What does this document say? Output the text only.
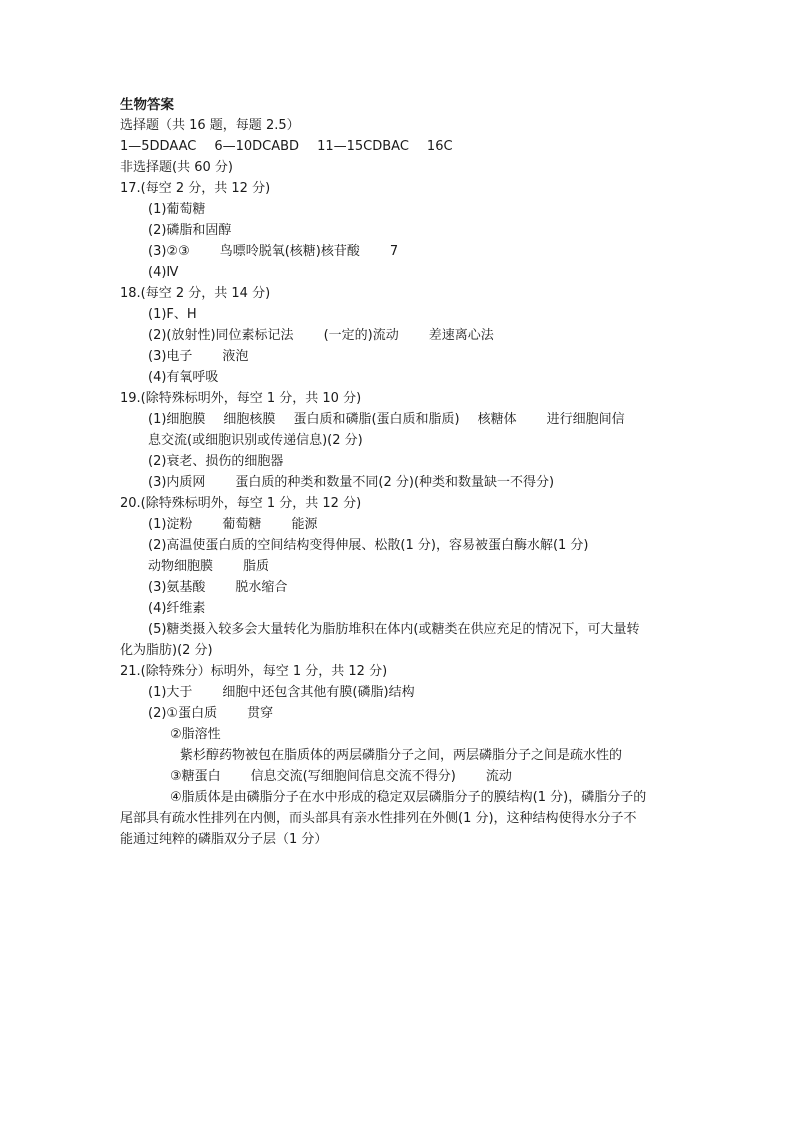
生物答案
选择题（共 16 题，每题 2.5）
1—5DDAAC 6—10DCABD 11—15CDBAC 16C
非选择题(共 60 分)
17.(每空 2 分，共 12 分)
(1)葡萄糖
(2)磷脂和固醇
(3)②③ 鸟嘌呤脱氧(核糖)核苷酸 7
(4)Ⅳ
18.(每空 2 分，共 14 分)
(1)F、H
(2)(放射性)同位素标记法 (一定的)流动 差速离心法
(3)电子 液泡
(4)有氧呼吸
19.(除特殊标明外，每空 1 分，共 10 分)
(1)细胞膜 细胞核膜 蛋白质和磷脂(蛋白质和脂质) 核糖体 进行细胞间信
息交流(或细胞识别或传递信息)(2 分)
(2)衰老、损伤的细胞器
(3)内质网 蛋白质的种类和数量不同(2 分)(种类和数量缺一不得分)
20.(除特殊标明外，每空 1 分，共 12 分)
(1)淀粉 葡萄糖 能源
(2)高温使蛋白质的空间结构变得伸展、松散(1 分)，容易被蛋白酶水解(1 分)
动物细胞膜 脂质
(3)氨基酸 脱水缩合
(4)纤维素
(5)糖类摄入较多会大量转化为脂肪堆积在体内(或糖类在供应充足的情况下，可大量转
化为脂肪)(2 分)
21.(除特殊分）标明外，每空 1 分，共 12 分)
(1)大于 细胞中还包含其他有膜(磷脂)结构
(2)①蛋白质 贯穿
②脂溶性
紫杉醇药物被包在脂质体的两层磷脂分子之间，两层磷脂分子之间是疏水性的
③糖蛋白 信息交流(写细胞间信息交流不得分) 流动
④脂质体是由磷脂分子在水中形成的稳定双层磷脂分子的膜结构(1 分)，磷脂分子的
尾部具有疏水性排列在内侧，而头部具有亲水性排列在外侧(1 分)，这种结构使得水分子不
能通过纯粹的磷脂双分子层（1 分）
